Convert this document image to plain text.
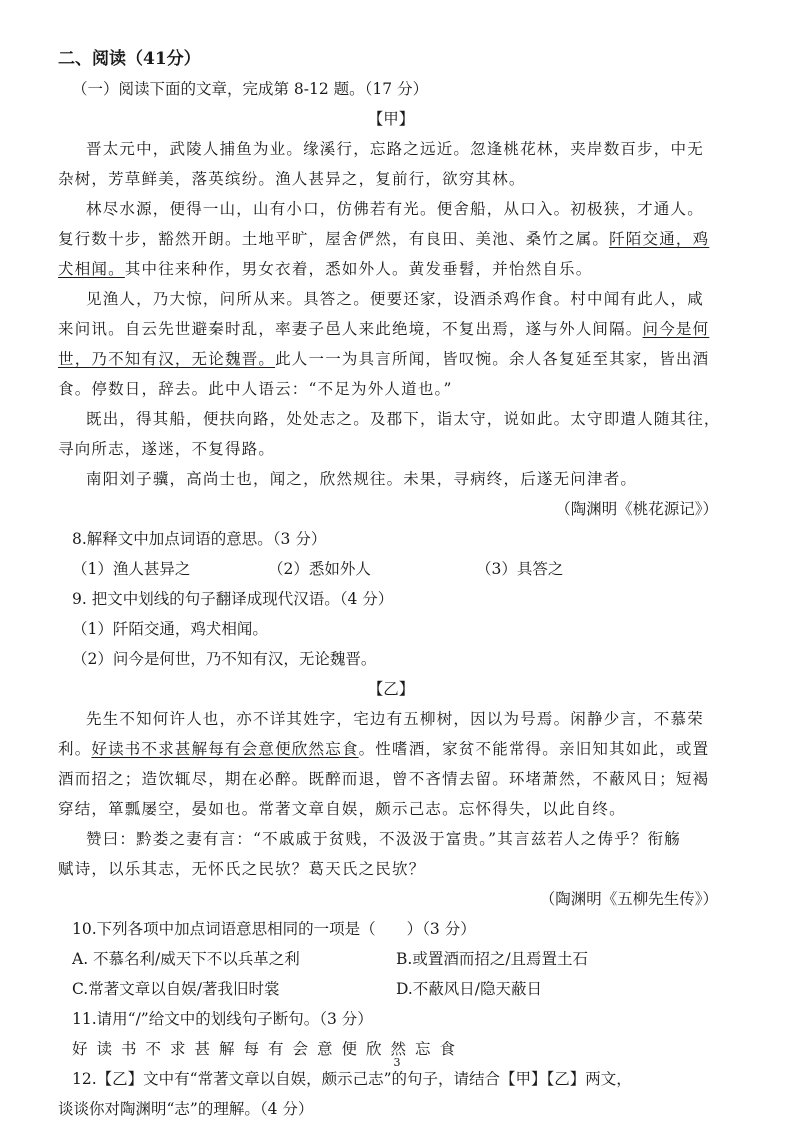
二、阅读（41分）

（一）阅读下面的文章，完成第 8-12 题。（17 分）

【甲】

晋太元中，武陵人捕鱼为业。缘溪行，忘路之远近。忽逢桃花林，夹岸数百步，中无

杂树，芳草鲜美，落英缤纷。渔人甚异之，复前行，欲穷其林。

林尽水源，便得一山，山有小口，仿佛若有光。便舍船，从口入。初极狭，才通人。

复行数十步，豁然开朗。土地平旷，屋舍俨然，有良田、美池、桑竹之属。阡陌交通，鸡

犬相闻。其中往来种作，男女衣着，悉如外人。黄发垂髫，并怡然自乐。

见渔人，乃大惊，问所从来。具答之。便要还家，设酒杀鸡作食。村中闻有此人，咸

来问讯。自云先世避秦时乱，率妻子邑人来此绝境，不复出焉，遂与外人间隔。问今是何

世，乃不知有汉，无论魏晋。此人一一为具言所闻，皆叹惋。余人各复延至其家，皆出酒

食。停数日，辞去。此中人语云：“不足为外人道也。”

既出，得其船，便扶向路，处处志之。及郡下，诣太守，说如此。太守即遣人随其往，

寻向所志，遂迷，不复得路。

南阳刘子骥，高尚士也，闻之，欣然规往。未果，寻病终，后遂无问津者。

（陶渊明《桃花源记》）

8.解释文中加点词语的意思。（3 分）

（1）渔人甚异之	（2）悉如外人	（3）具答之

9. 把文中划线的句子翻译成现代汉语。（4 分）

（1）阡陌交通，鸡犬相闻。

（2）问今是何世，乃不知有汉，无论魏晋。

【乙】

先生不知何许人也，亦不详其姓字，宅边有五柳树，因以为号焉。闲静少言，不慕荣

利。好读书不求甚解每有会意便欣然忘食。性嗜酒，家贫不能常得。亲旧知其如此，或置

酒而招之；造饮辄尽，期在必醉。既醉而退，曾不吝情去留。环堵萧然，不蔽风日；短褐

穿结，箪瓢屡空，晏如也。常著文章自娱，颇示己志。忘怀得失，以此自终。

赞曰：黔娄之妻有言：“不戚戚于贫贱，不汲汲于富贵。”其言兹若人之俦乎？衔觞

赋诗，以乐其志，无怀氏之民欤？葛天氏之民欤？

（陶渊明《五柳先生传》）

10.下列各项中加点词语意思相同的一项是（　　）（3 分）

A. 不慕名利/威天下不以兵革之利	B.或置酒而招之/且焉置土石

C.常著文章以自娱/著我旧时裳	D.不蔽风日/隐天蔽日

11.请用“/”给文中的划线句子断句。（3 分）

好读书不求甚解每有会意便欣然忘食

12.【乙】文中有“常著文章以自娱，颇示己志”的句子，请结合【甲】【乙】两文，

谈谈你对陶渊明“志”的理解。（4 分）

3
